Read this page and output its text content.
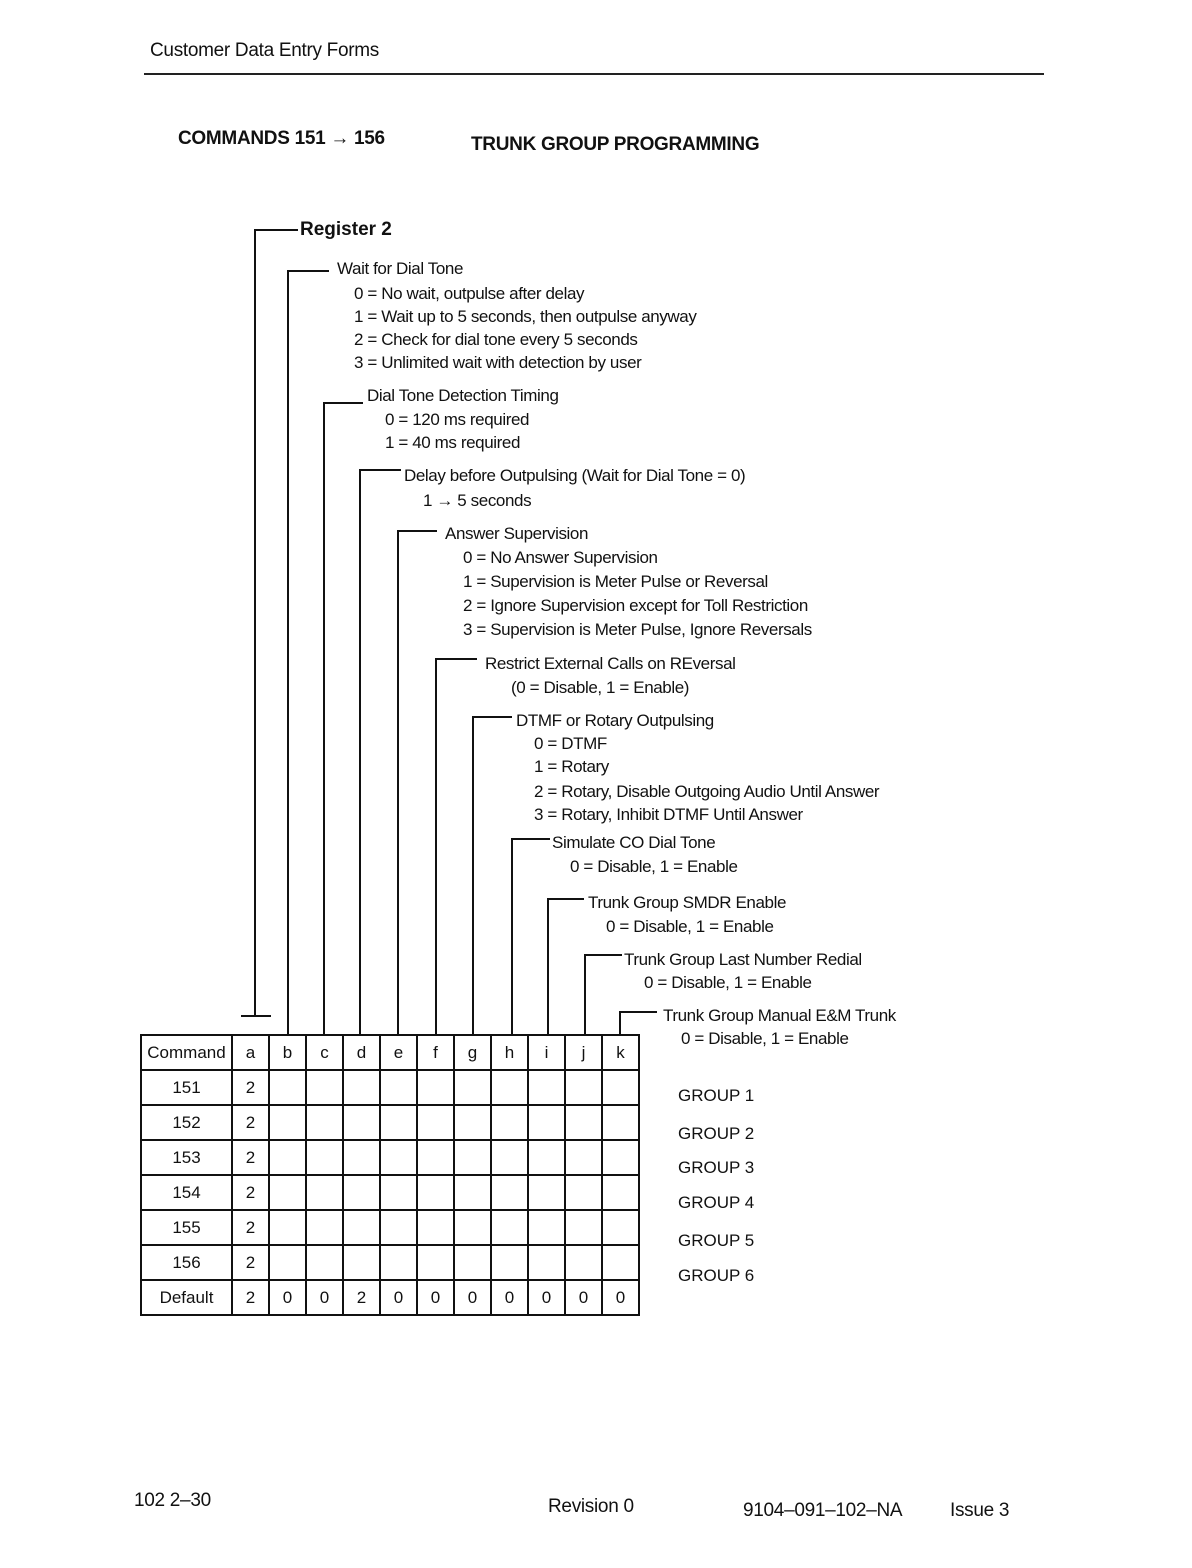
Customer Data Entry Forms
COMMANDS 151 → 156	TRUNK GROUP PROGRAMMING
Register 2
Wait for Dial Tone
0 = No wait, outpulse after delay
1 = Wait up to 5 seconds, then outpulse anyway
2 = Check for dial tone every 5 seconds
3 = Unlimited wait with detection by user
Dial Tone Detection Timing
0 = 120 ms required
1 = 40 ms required
Delay before Outpulsing (Wait for Dial Tone = 0)
1 → 5 seconds
Answer Supervision
0 = No Answer Supervision
1 = Supervision is Meter Pulse or Reversal
2 = Ignore Supervision except for Toll Restriction
3 = Supervision is Meter Pulse, Ignore Reversals
Restrict External Calls on REversal
(0 = Disable, 1 = Enable)
DTMF or Rotary Outpulsing
0 = DTMF
1 = Rotary
2 = Rotary, Disable Outgoing Audio Until Answer
3 = Rotary, Inhibit DTMF Until Answer
Simulate CO Dial Tone
0 = Disable, 1 = Enable
Trunk Group SMDR Enable
0 = Disable, 1 = Enable
Trunk Group Last Number Redial
0 = Disable, 1 = Enable
Trunk Group Manual E&M Trunk
0 = Disable, 1 = Enable
Command	a	b	c	d	e	f	g	h	i	j	k
151	2										
152	2										
153	2										
154	2										
155	2										
156	2										
Default	2	0	0	2	0	0	0	0	0	0	0
GROUP 1
GROUP 2
GROUP 3
GROUP 4
GROUP 5
GROUP 6
102 2–30	Revision 0	9104–091–102–NA	Issue 3
